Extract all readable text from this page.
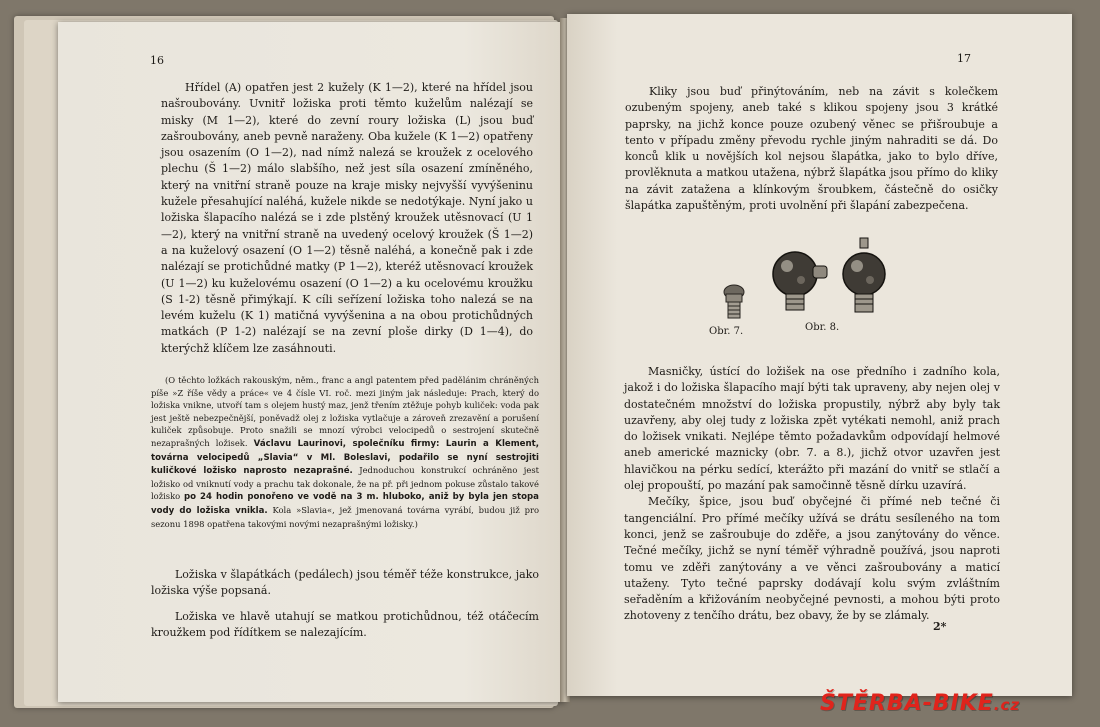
16

Hřídel (A) opatřen jest 2 kužely (K 1—2), které na hřídel jsou našroubovány. Uvnitř ložiska proti těmto kuželům nalézají se misky (M 1—2), které do zevní roury ložiska (L) jsou buď zašroubovány, aneb pevně naraženy. Oba kužele (K 1—2) opatřeny jsou osazením (O 1—2), nad nímž nalezá se kroužek z ocelového plechu (Š 1—2) málo slabšího, než jest síla osazení zmíněného, který na vnitřní straně pouze na kraje misky nejvyšší vyvýšeninu kužele přesahující naléhá, kužele nikde se nedotýkaje. Nyní jako u ložiska šlapacího nalézá se i zde plstěný kroužek utěsnovací (U 1—2), který na vnitřní straně na uvedený ocelový kroužek (Š 1—2) a na kuželový osazení (O 1—2) těsně naléhá, a konečně pak i zde nalézají se protichůdné matky (P 1—2), kteréž utěsnovací kroužek (U 1—2) ku kuželovému osazení (O 1—2) a ku ocelovému kroužku (S 1-2) těsně přimýkají. K cíli seřízení ložiska toho nalezá se na levém kuželu (K 1) matičná vyvýšenina a na obou protichůdných matkách (P 1-2) nalézají se na zevní ploše dirky (D 1—4), do kterýchž klíčem lze zasáhnouti.

(O těchto ložkách rakouským, něm., franc a angl patentem před padělánim chráněných píše »Z říše vědy a práce« ve 4 čísle VI. roč. mezi jiným jak následuje: Prach, který do ložiska vnikne, utvoří tam s olejem hustý maz, jenž třením ztěžuje pohyb kuliček: voda pak jest ještě nebezpečnější, poněvadž olej z ložiska vytlačuje a zároveň zrezavění a porušení kuliček způsobuje. Proto snažili se mnozí výrobci velocipedů o sestrojení skutečně nezaprašných ložisek. Václavu Laurinovi, společníku firmy: Laurin a Klement, továrna velocipedů „Slavia“ v Ml. Boleslavi, podařilo se nyní sestrojiti kuličkové ložisko naprosto nezaprašné. Jednoduchou konstrukcí ochráněno jest ložisko od vniknutí vody a prachu tak dokonale, že na př. při jednom pokuse zůstalo takové ložisko po 24 hodin ponořeno ve vodě na 3 m. hluboko, aniž by byla jen stopa vody do ložiska vnikla. Kola »Slavia«, jež jmenovaná továrna vyrábí, budou již pro sezonu 1898 opatřena takovými novými nezaprašnými ložisky.)

Ložiska v šlapátkách (pedálech) jsou téměř téže konstrukce, jako ložiska výše popsaná.

Ložiska ve hlavě utahují se matkou protichůdnou, též otáčecím kroužkem pod řídítkem se nalezajícím.

17

Kliky jsou buď přinýtováním, neb na závit s kolečkem ozubeným spojeny, aneb také s klikou spojeny jsou 3 krátké paprsky, na jichž konce pouze ozubený věnec se přišroubuje a tento v případu změny převodu rychle jiným nahraditi se dá. Do konců klik u novějších kol nejsou šlapátka, jako to bylo dříve, provlěknuta a matkou utažena, nýbrž šlapátka jsou přímo do kliky na závit zatažena a klínkovým šroubkem, částečně do osičky šlapátka zapuštěným, proti uvolnění při šlapání zabezpečena.

Obr. 7.	Obr. 8.

Masničky, ústící do ložišek na ose předního i zadního kola, jakož i do ložiska šlapacího mají býti tak upraveny, aby nejen olej v dostatečném množství do ložiska propustily, nýbrž aby byly tak uzavřeny, aby olej tudy z ložiska zpět vytékati nemohl, aniž prach do ložisek vnikati. Nejlépe těmto požadavkům odpovídají helmové aneb americké maznicky (obr. 7. a 8.), jichž otvor uzavřen jest hlavičkou na pérku sedící, kterážto při mazání do vnitř se stlačí a olej propouští, po mazání pak samočinně těsně dírku uzavírá.

Mečíky, špice, jsou buď obyčejné či přímé neb tečné či tangenciální. Pro přímé mečíky užívá se drátu sesíleného na tom konci, jenž se zašroubuje do zděře, a jsou zanýtovány do věnce. Tečné mečíky, jichž se nyní téměř výhradně používá, jsou naproti tomu ve zděři zanýtovány a ve věnci zašroubovány a maticí utaženy. Tyto tečné paprsky dodávají kolu svým zvláštním seřaděním a křižováním neobyčejné pevnosti, a mohou býti proto zhotoveny z tenčího drátu, bez obavy, že by se zlámaly.

2*
ŠTĚRBA-BIKE.cz
